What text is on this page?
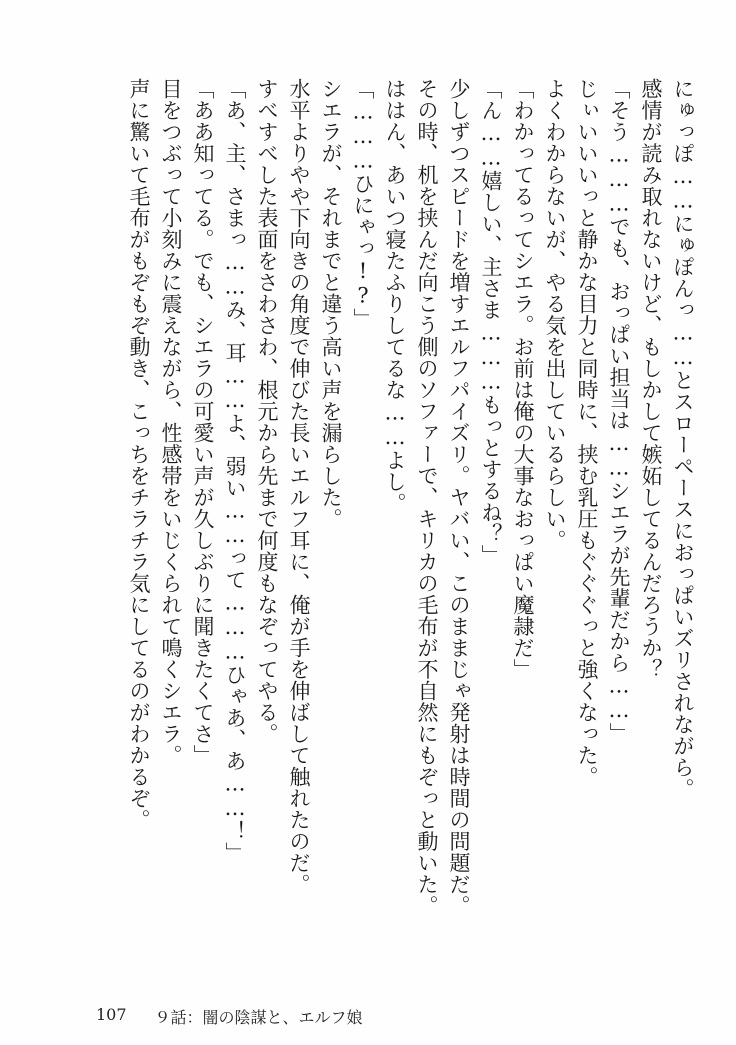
にゅっぽ……にゅぽんっ……とスローペースにおっぱいズリされながら。
感情が読み取れないけど、もしかして嫉妬してるんだろうか？
「そう………でも、おっぱい担当は……シエラが先輩だから……」
じぃいいいっと静かな目力と同時に、挟む乳圧もぐぐぐっと強くなった。
よくわからないが、やる気を出しているらしい。
「わかってるってシエラ。お前は俺の大事なおっぱい魔隷だ」
「ん……嬉しい、主さま………もっとするね？」
少しずつスピードを増すエルフパイズリ。ヤバい、このままじゃ発射は時間の問題だ。
その時、机を挟んだ向こう側のソファーで、キリカの毛布が不自然にもぞっと動いた。
ははん、あいつ寝たふりしてるな……よし。
「………ひにゃっ!?」
シエラが、それまでと違う高い声を漏らした。
水平よりやや下向きの角度で伸びた長いエルフ耳に、俺が手を伸ばして触れたのだ。
すべすべした表面をさわさわ、根元から先まで何度もなぞってやる。
「あ、主、さまっ……み、耳……よ、弱い……って………ひゃあ、あ……！」
「ああ知ってる。でも、シエラの可愛い声が久しぶりに聞きたくてさ」
目をつぶって小刻みに震えながら、性感帯をいじくられて鳴くシエラ。
声に驚いて毛布がもぞもぞ動き、こっちをチラチラ気にしてるのがわかるぞ。
107 ９話：闇の陰謀と、エルフ娘
